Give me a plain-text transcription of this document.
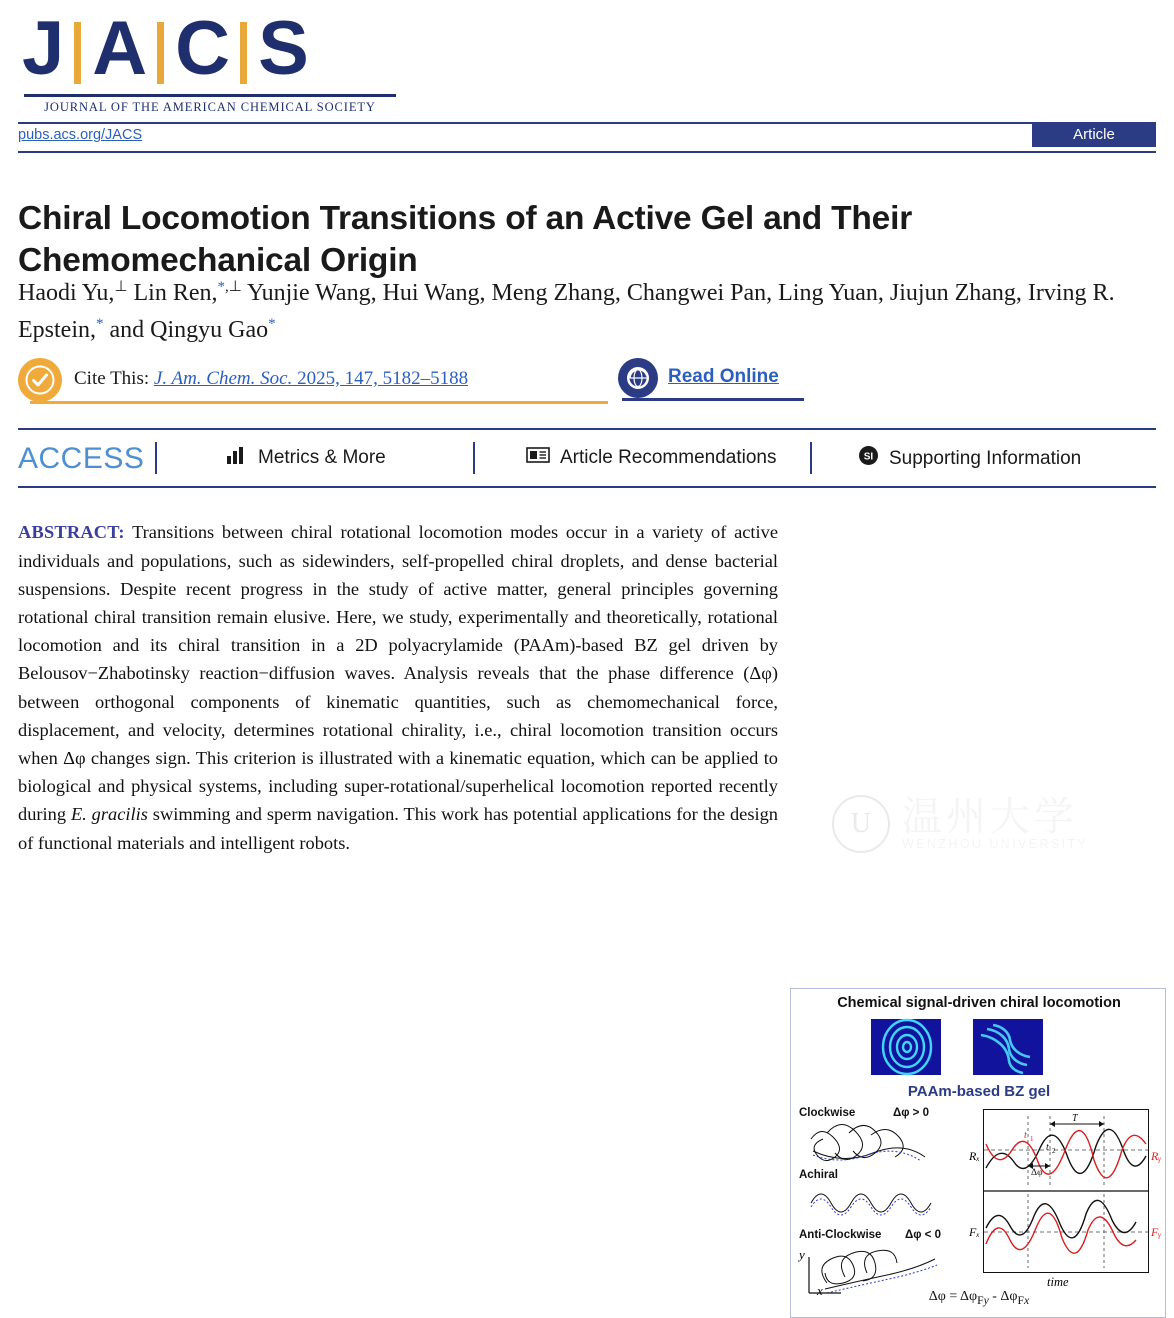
J A C S
JOURNAL OF THE AMERICAN CHEMICAL SOCIETY
pubs.acs.org/JACS	Article
Chiral Locomotion Transitions of an Active Gel and Their Chemomechanical Origin
Haodi Yu,⊥ Lin Ren,*,⊥ Yunjie Wang, Hui Wang, Meng Zhang, Changwei Pan, Ling Yuan, Jiujun Zhang, Irving R. Epstein,* and Qingyu Gao*
Cite This: J. Am. Chem. Soc. 2025, 147, 5182–5188	Read Online
ACCESS	Metrics & More	Article Recommendations	SI Supporting Information

ABSTRACT: Transitions between chiral rotational locomotion modes occur in a variety of active individuals and populations, such as sidewinders, self-propelled chiral droplets, and dense bacterial suspensions. Despite recent progress in the study of active matter, general principles governing rotational chiral transition remain elusive. Here, we study, experimentally and theoretically, rotational locomotion and its chiral transition in a 2D polyacrylamide (PAAm)-based BZ gel driven by Belousov−Zhabotinsky reaction−diffusion waves. Analysis reveals that the phase difference (Δφ) between orthogonal components of kinematic quantities, such as chemomechanical force, displacement, and velocity, determines rotational chirality, i.e., chiral locomotion transition occurs when Δφ changes sign. This criterion is illustrated with a kinematic equation, which can be applied to biological and physical systems, including super-rotational/superhelical locomotion reported recently during E. gracilis swimming and sperm navigation. This work has potential applications for the design of functional materials and intelligent robots.

Chemical signal-driven chiral locomotion
PAAm-based BZ gel
Clockwise	Δφ > 0
Achiral
Anti-Clockwise Δφ < 0
y
x
t 1
t 2
T
Δφ
Rₓ
Fₓ
Rᵧ
Fᵧ
time
$\Delta\varphi = \Delta\varphi_{Fy} - \Delta\varphi_{Fx}$
U 温州大学
WENZHOU UNIVERSITY
